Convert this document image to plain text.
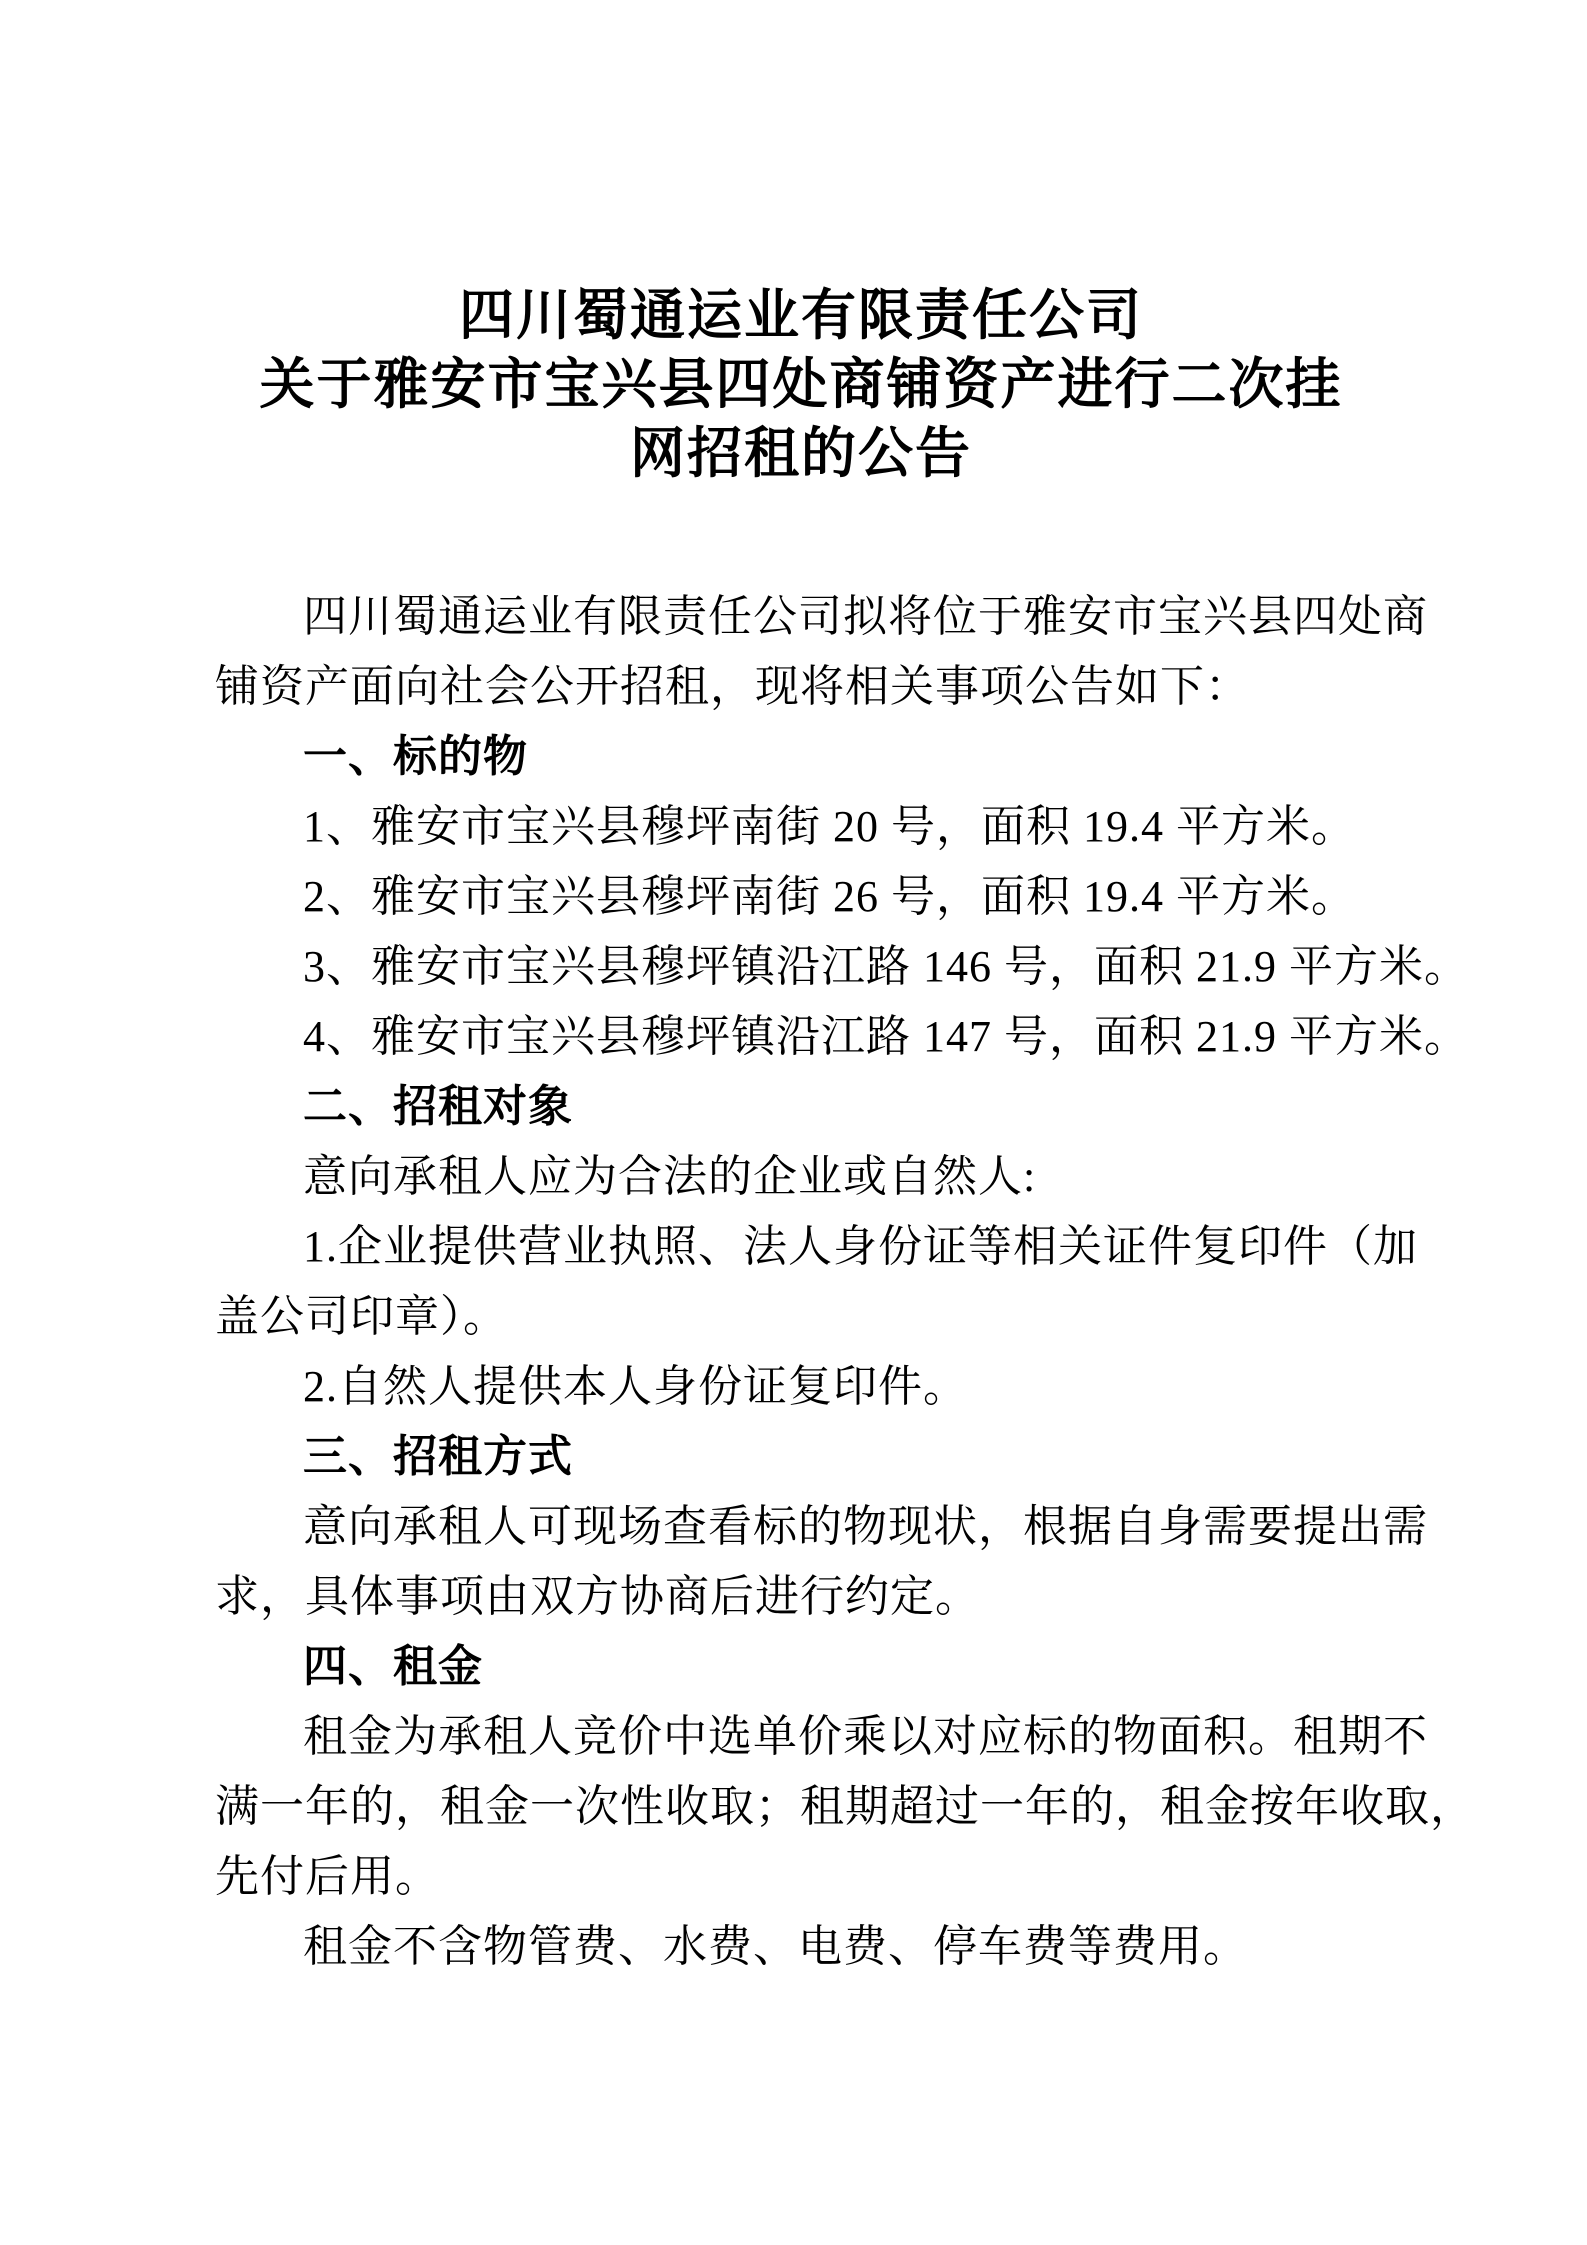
四川蜀通运业有限责任公司
关于雅安市宝兴县四处商铺资产进行二次挂
网招租的公告
四川蜀通运业有限责任公司拟将位于雅安市宝兴县四处商
铺资产面向社会公开招租，现将相关事项公告如下：
一、标的物
1、雅安市宝兴县穆坪南街 20 号，面积 19.4 平方米。
2、雅安市宝兴县穆坪南街 26 号，面积 19.4 平方米。
3、雅安市宝兴县穆坪镇沿江路 146 号，面积 21.9 平方米。
4、雅安市宝兴县穆坪镇沿江路 147 号，面积 21.9 平方米。
二、招租对象
意向承租人应为合法的企业或自然人:
1.企业提供营业执照、法人身份证等相关证件复印件（加
盖公司印章）。
2.自然人提供本人身份证复印件。
三、招租方式
意向承租人可现场查看标的物现状，根据自身需要提出需
求，具体事项由双方协商后进行约定。
四、租金
租金为承租人竞价中选单价乘以对应标的物面积。租期不
满一年的，租金一次性收取；租期超过一年的，租金按年收取，
先付后用。
租金不含物管费、水费、电费、停车费等费用。
